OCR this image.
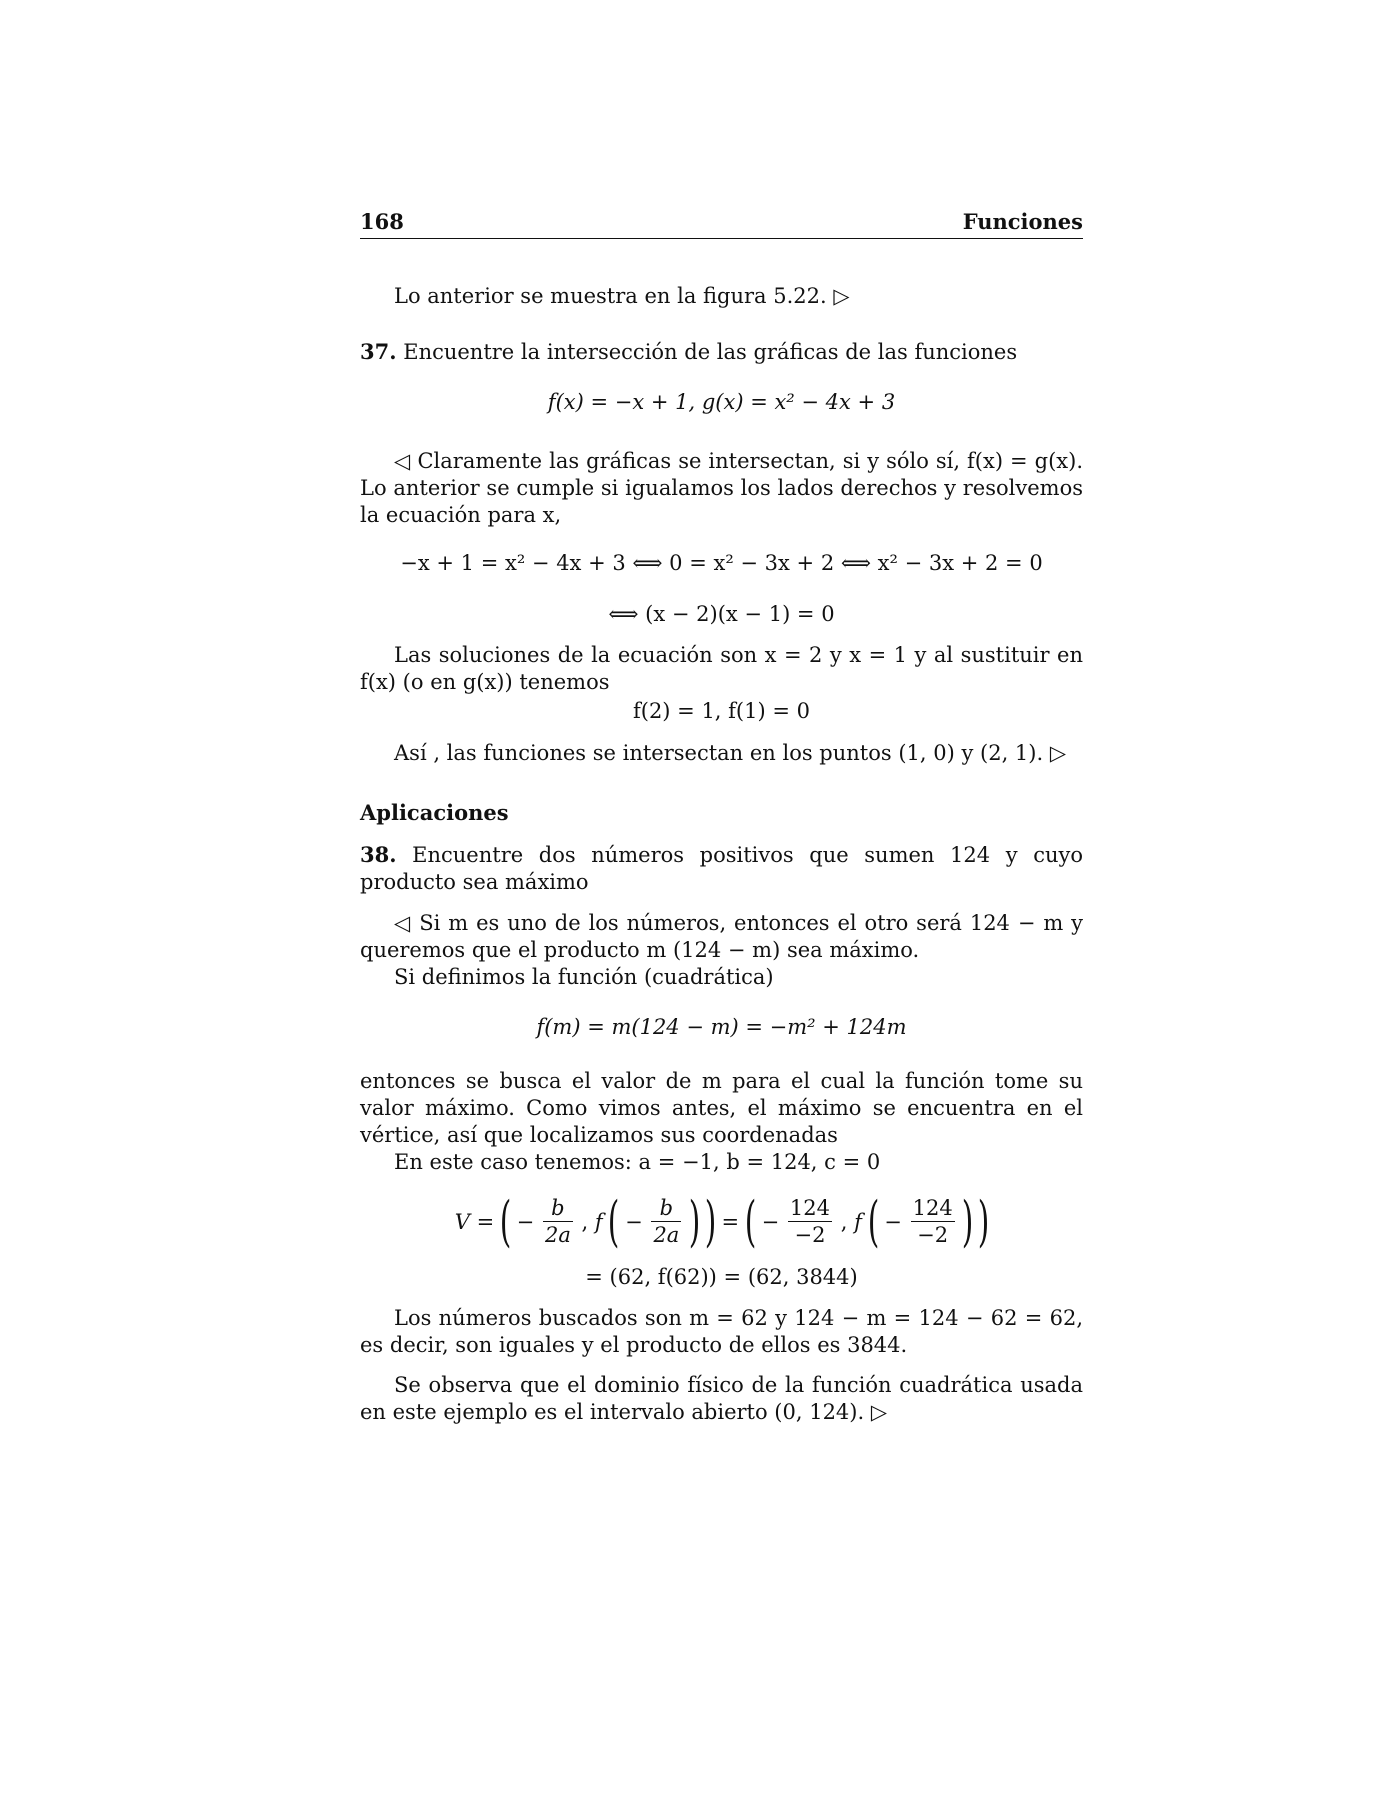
168	Funciones

Lo anterior se muestra en la figura 5.22. ▷

37. Encuentre la intersección de las gráficas de las funciones

f(x) = −x + 1, g(x) = x² − 4x + 3

◁ Claramente las gráficas se intersectan, si y sólo sí, f(x) = g(x). Lo anterior se cumple si igualamos los lados derechos y resolvemos la ecuación para x,

−x + 1 = x² − 4x + 3 ⟺ 0 = x² − 3x + 2 ⟺ x² − 3x + 2 = 0
⟺ (x − 2)(x − 1) = 0

Las soluciones de la ecuación son x = 2 y x = 1 y al sustituir en f(x) (o en g(x)) tenemos

f(2) = 1, f(1) = 0

Así , las funciones se intersectan en los puntos (1, 0) y (2, 1). ▷

Aplicaciones

38. Encuentre dos números positivos que sumen 124 y cuyo producto sea máximo

◁ Si m es uno de los números, entonces el otro será 124 − m y queremos que el producto m (124 − m) sea máximo.

Si definimos la función (cuadrática)

f(m) = m(124 − m) = −m² + 124m

entonces se busca el valor de m para el cual la función tome su valor máximo. Como vimos antes, el máximo se encuentra en el vértice, así que localizamos sus coordenadas

En este caso tenemos: a = −1, b = 124, c = 0

V = ( − $\frac{b}{2a}$ , f ( − $\frac{b}{2a}$ ) ) = ( − $\frac{124}{-2}$ , f ( − $\frac{124}{-2}$ ) )
= (62, f(62)) = (62, 3844)

Los números buscados son m = 62 y 124 − m = 124 − 62 = 62, es decir, son iguales y el producto de ellos es 3844.

Se observa que el dominio físico de la función cuadrática usada en este ejemplo es el intervalo abierto (0, 124). ▷
